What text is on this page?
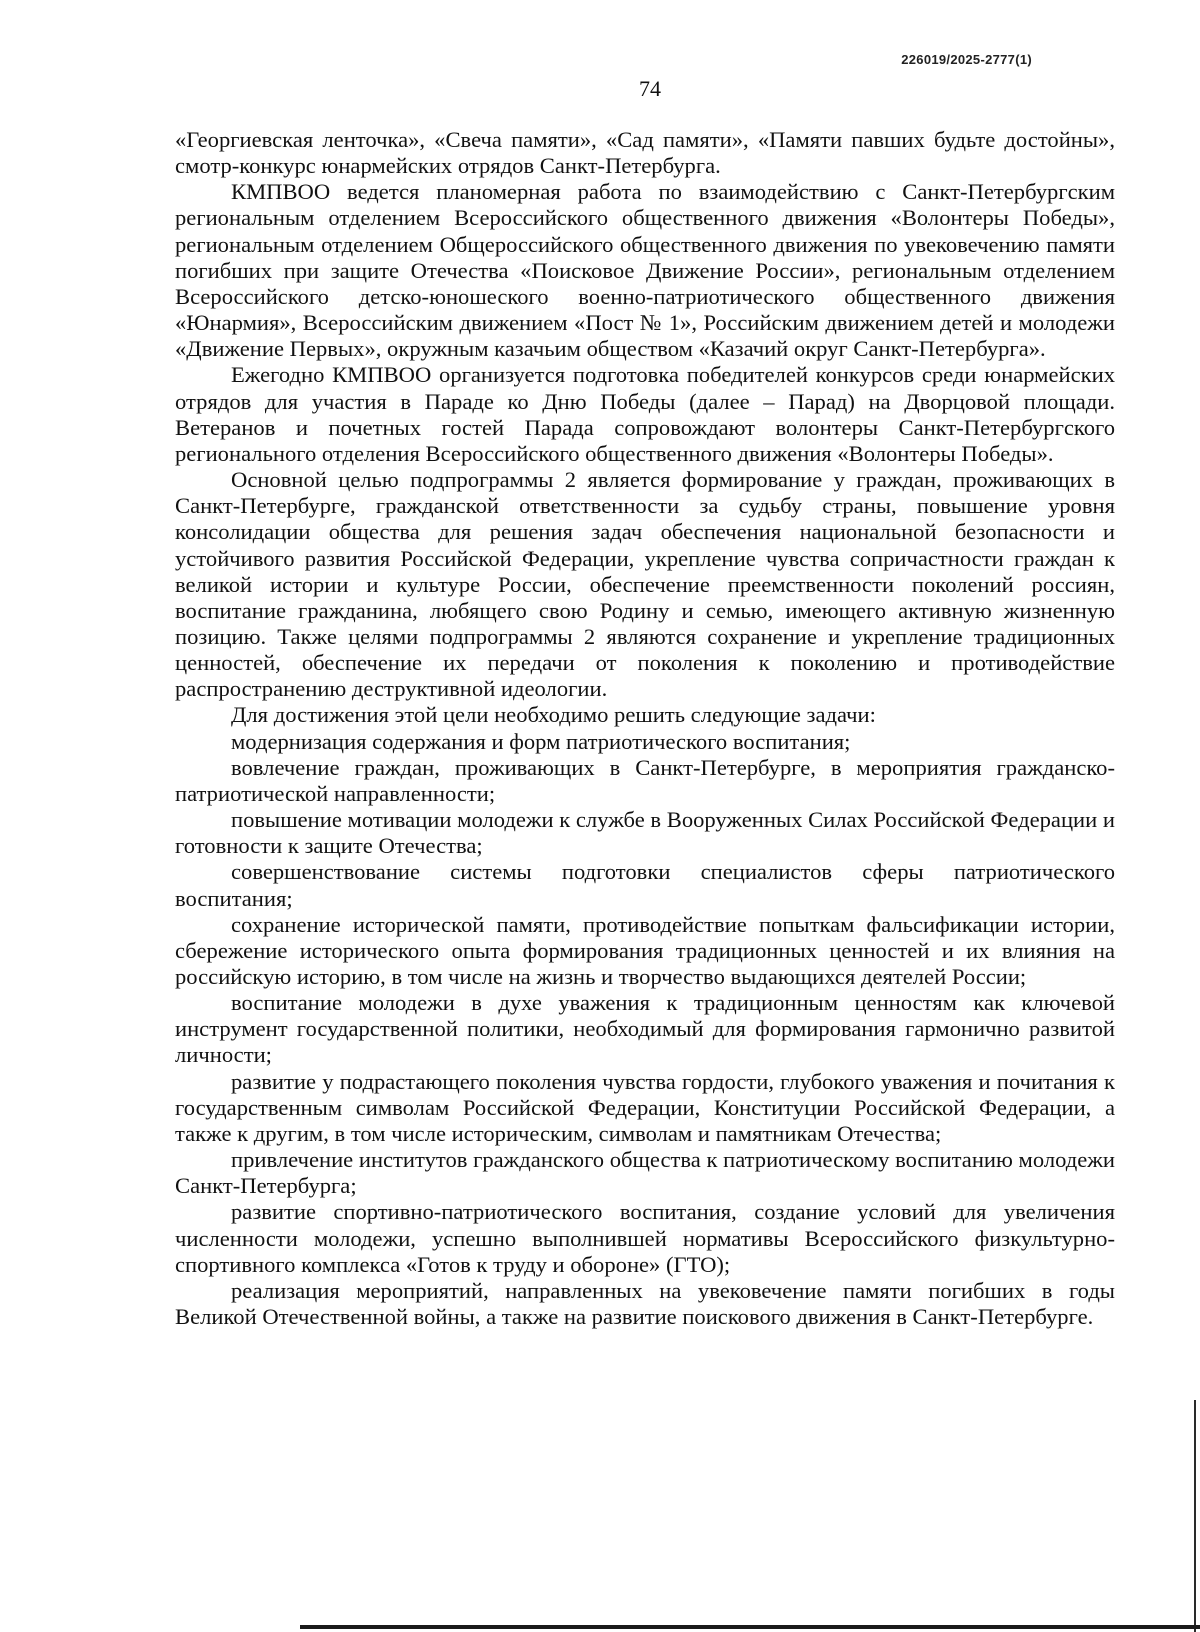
226019/2025-2777(1)
74

«Георгиевская ленточка», «Свеча памяти», «Сад памяти», «Памяти павших будьте достойны», смотр-конкурс юнармейских отрядов Санкт-Петербурга.

КМПВОО ведется планомерная работа по взаимодействию с Санкт-Петербургским региональным отделением Всероссийского общественного движения «Волонтеры Победы», региональным отделением Общероссийского общественного движения по увековечению памяти погибших при защите Отечества «Поисковое Движение России», региональным отделением Всероссийского детско-юношеского военно-патриотического общественного движения «Юнармия», Всероссийским движением «Пост № 1», Российским движением детей и молодежи «Движение Первых», окружным казачьим обществом «Казачий округ Санкт-Петербурга».

Ежегодно КМПВОО организуется подготовка победителей конкурсов среди юнармейских отрядов для участия в Параде ко Дню Победы (далее – Парад) на Дворцовой площади. Ветеранов и почетных гостей Парада сопровождают волонтеры Санкт-Петербургского регионального отделения Всероссийского общественного движения «Волонтеры Победы».

Основной целью подпрограммы 2 является формирование у граждан, проживающих в Санкт-Петербурге, гражданской ответственности за судьбу страны, повышение уровня консолидации общества для решения задач обеспечения национальной безопасности и устойчивого развития Российской Федерации, укрепление чувства сопричастности граждан к великой истории и культуре России, обеспечение преемственности поколений россиян, воспитание гражданина, любящего свою Родину и семью, имеющего активную жизненную позицию. Также целями подпрограммы 2 являются сохранение и укрепление традиционных ценностей, обеспечение их передачи от поколения к поколению и противодействие распространению деструктивной идеологии.

Для достижения этой цели необходимо решить следующие задачи:

модернизация содержания и форм патриотического воспитания;

вовлечение граждан, проживающих в Санкт-Петербурге, в мероприятия гражданско-патриотической направленности;

повышение мотивации молодежи к службе в Вооруженных Силах Российской Федерации и готовности к защите Отечества;

совершенствование системы подготовки специалистов сферы патриотического воспитания;

сохранение исторической памяти, противодействие попыткам фальсификации истории, сбережение исторического опыта формирования традиционных ценностей и их влияния на российскую историю, в том числе на жизнь и творчество выдающихся деятелей России;

воспитание молодежи в духе уважения к традиционным ценностям как ключевой инструмент государственной политики, необходимый для формирования гармонично развитой личности;

развитие у подрастающего поколения чувства гордости, глубокого уважения и почитания к государственным символам Российской Федерации, Конституции Российской Федерации, а также к другим, в том числе историческим, символам и памятникам Отечества;

привлечение институтов гражданского общества к патриотическому воспитанию молодежи Санкт-Петербурга;

развитие спортивно-патриотического воспитания, создание условий для увеличения численности молодежи, успешно выполнившей нормативы Всероссийского физкультурно-спортивного комплекса «Готов к труду и обороне» (ГТО);

реализация мероприятий, направленных на увековечение памяти погибших в годы Великой Отечественной войны, а также на развитие поискового движения в Санкт-Петербурге.
